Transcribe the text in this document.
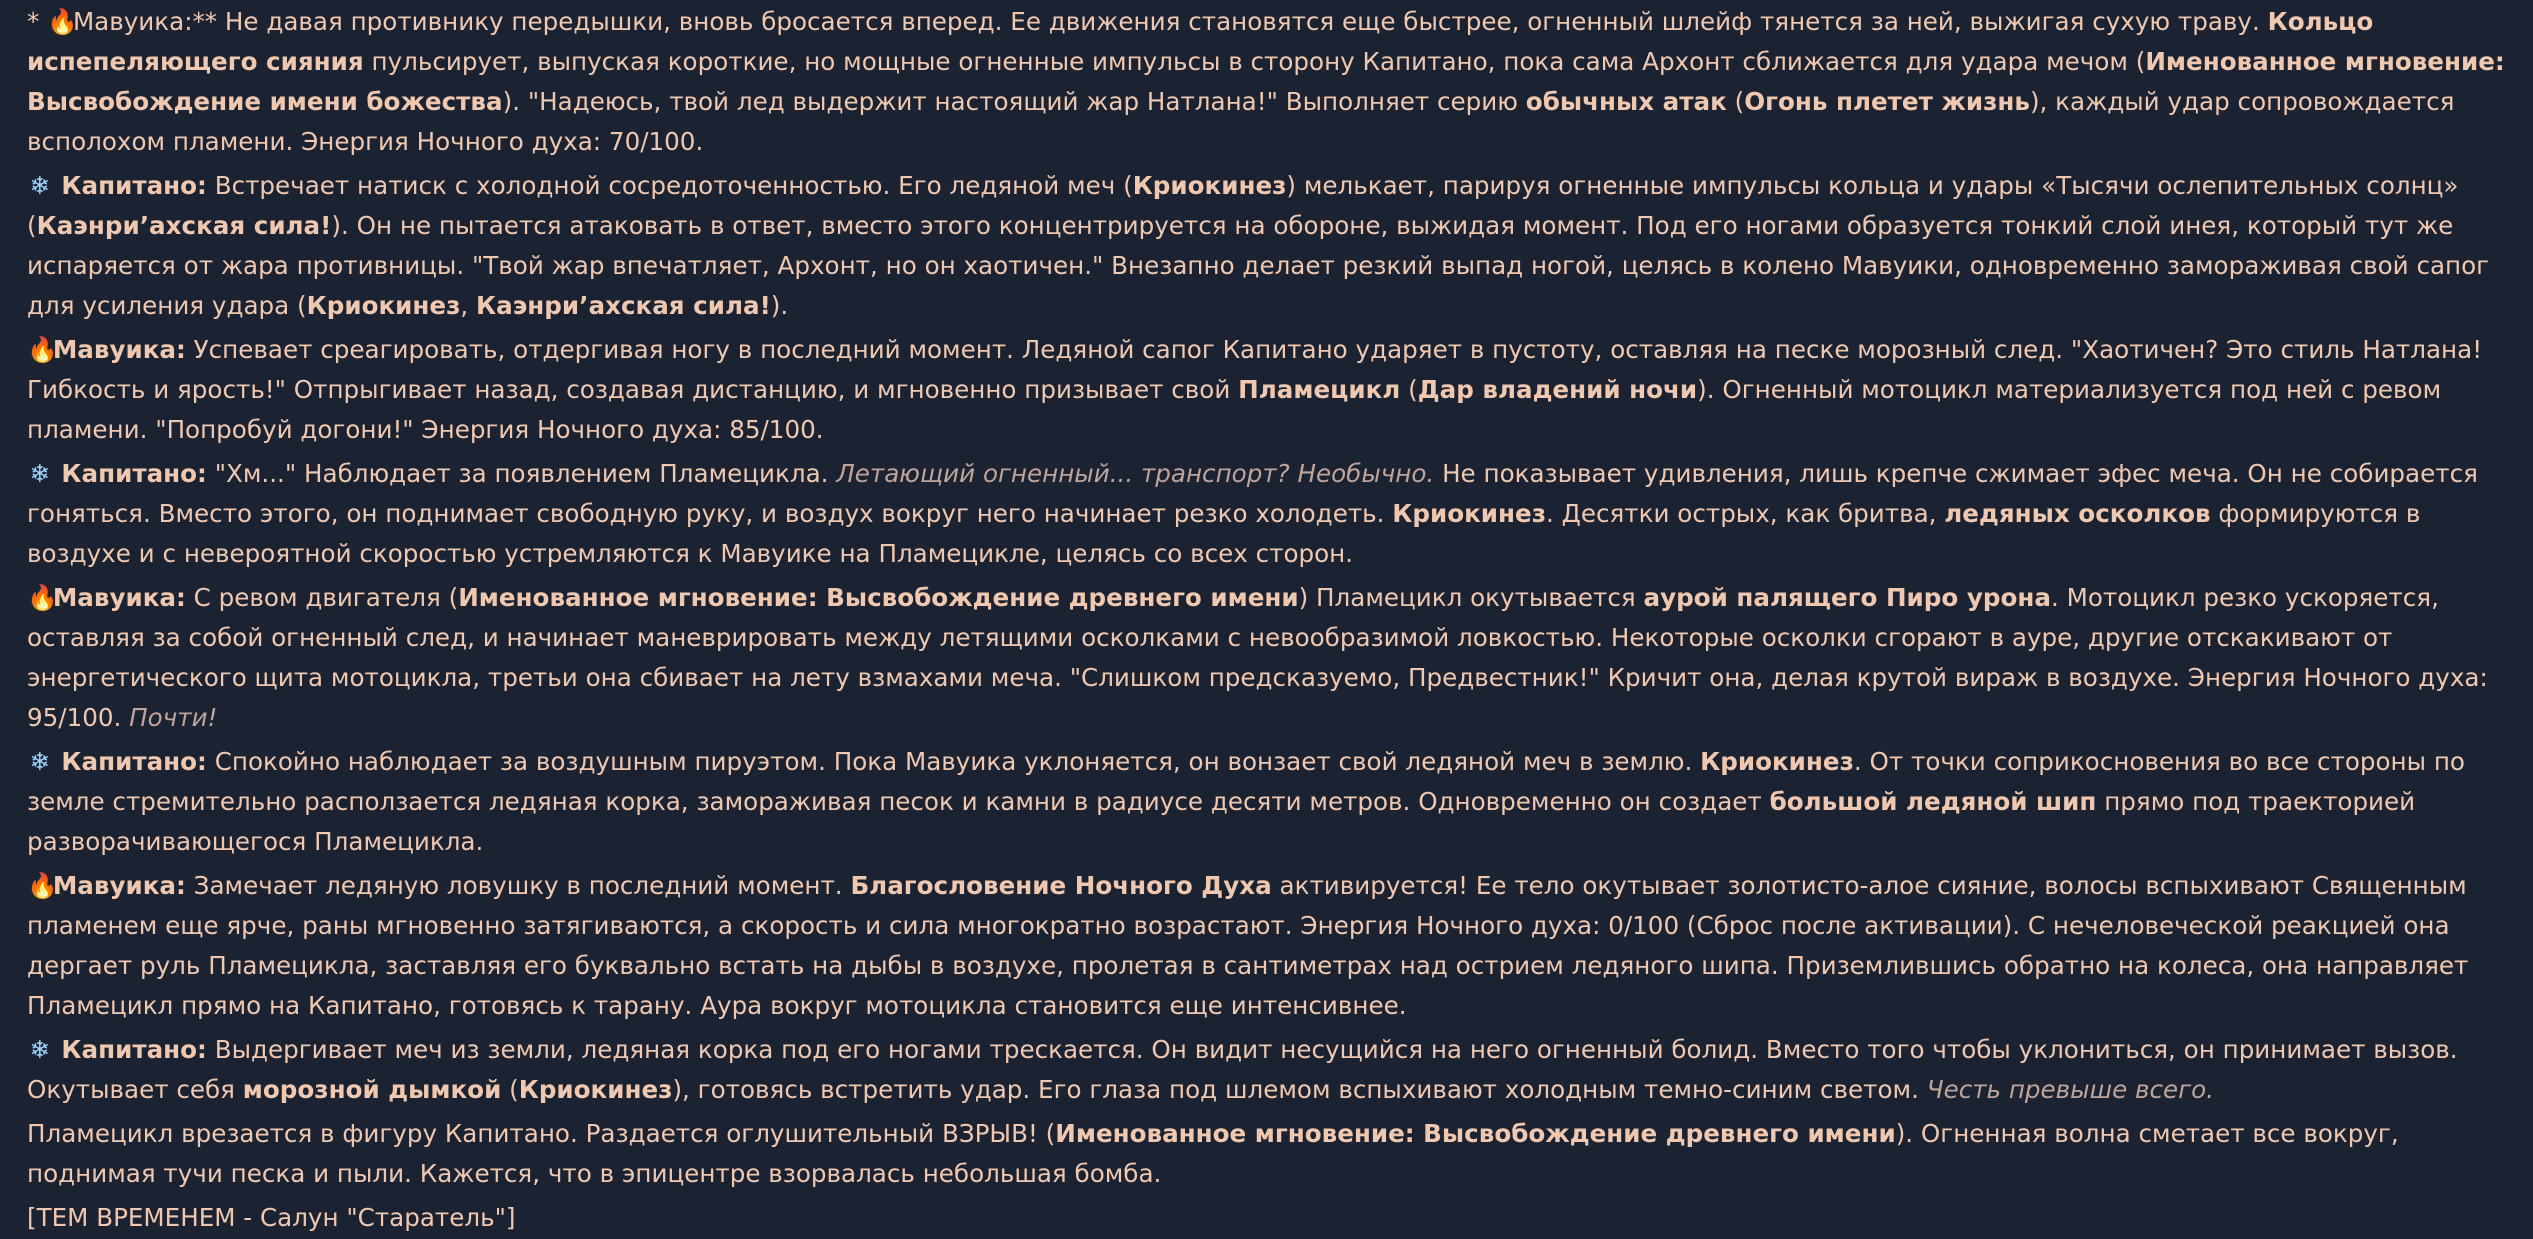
* 🔥Мавуика:** Не давая противнику передышки, вновь бросается вперед. Ее движения становятся еще быстрее, огненный шлейф тянется за ней, выжигая сухую траву. Кольцо испепеляющего сияния пульсирует, выпуская короткие, но мощные огненные импульсы в сторону Капитано, пока сама Архонт сближается для удара мечом (Именованное мгновение: Высвобождение имени божества). "Надеюсь, твой лед выдержит настоящий жар Натлана!" Выполняет серию обычных атак (Огонь плетет жизнь), каждый удар сопровождается всполохом пламени. Энергия Ночного духа: 70/100.

❄ Капитано: Встречает натиск с холодной сосредоточенностью. Его ледяной меч (Криокинез) мелькает, парируя огненные импульсы кольца и удары «Тысячи ослепительных солнц» (Каэнри’ахская сила!). Он не пытается атаковать в ответ, вместо этого концентрируется на обороне, выжидая момент. Под его ногами образуется тонкий слой инея, который тут же испаряется от жара противницы. "Твой жар впечатляет, Архонт, но он хаотичен." Внезапно делает резкий выпад ногой, целясь в колено Мавуики, одновременно замораживая свой сапог для усиления удара (Криокинез, Каэнри’ахская сила!).

🔥Мавуика: Успевает среагировать, отдергивая ногу в последний момент. Ледяной сапог Капитано ударяет в пустоту, оставляя на песке морозный след. "Хаотичен? Это стиль Натлана! Гибкость и ярость!" Отпрыгивает назад, создавая дистанцию, и мгновенно призывает свой Пламецикл (Дар владений ночи). Огненный мотоцикл материализуется под ней с ревом пламени. "Попробуй догони!" Энергия Ночного духа: 85/100.

❄ Капитано: "Хм..." Наблюдает за появлением Пламецикла. Летающий огненный... транспорт? Необычно. Не показывает удивления, лишь крепче сжимает эфес меча. Он не собирается гоняться. Вместо этого, он поднимает свободную руку, и воздух вокруг него начинает резко холодеть. Криокинез. Десятки острых, как бритва, ледяных осколков формируются в воздухе и с невероятной скоростью устремляются к Мавуике на Пламецикле, целясь со всех сторон.

🔥Мавуика: С ревом двигателя (Именованное мгновение: Высвобождение древнего имени) Пламецикл окутывается аурой палящего Пиро урона. Мотоцикл резко ускоряется, оставляя за собой огненный след, и начинает маневрировать между летящими осколками с невообразимой ловкостью. Некоторые осколки сгорают в ауре, другие отскакивают от энергетического щита мотоцикла, третьи она сбивает на лету взмахами меча. "Слишком предсказуемо, Предвестник!" Кричит она, делая крутой вираж в воздухе. Энергия Ночного духа: 95/100. Почти!

❄ Капитано: Спокойно наблюдает за воздушным пируэтом. Пока Мавуика уклоняется, он вонзает свой ледяной меч в землю. Криокинез. От точки соприкосновения во все стороны по земле стремительно расползается ледяная корка, замораживая песок и камни в радиусе десяти метров. Одновременно он создает большой ледяной шип прямо под траекторией разворачивающегося Пламецикла.

🔥Мавуика: Замечает ледяную ловушку в последний момент. Благословение Ночного Духа активируется! Ее тело окутывает золотисто-алое сияние, волосы вспыхивают Священным пламенем еще ярче, раны мгновенно затягиваются, а скорость и сила многократно возрастают. Энергия Ночного духа: 0/100 (Сброс после активации). С нечеловеческой реакцией она дергает руль Пламецикла, заставляя его буквально встать на дыбы в воздухе, пролетая в сантиметрах над острием ледяного шипа. Приземлившись обратно на колеса, она направляет Пламецикл прямо на Капитано, готовясь к тарану. Аура вокруг мотоцикла становится еще интенсивнее.

❄ Капитано: Выдергивает меч из земли, ледяная корка под его ногами трескается. Он видит несущийся на него огненный болид. Вместо того чтобы уклониться, он принимает вызов. Окутывает себя морозной дымкой (Криокинез), готовясь встретить удар. Его глаза под шлемом вспыхивают холодным темно-синим светом. Честь превыше всего.

Пламецикл врезается в фигуру Капитано. Раздается оглушительный ВЗРЫВ! (Именованное мгновение: Высвобождение древнего имени). Огненная волна сметает все вокруг, поднимая тучи песка и пыли. Кажется, что в эпицентре взорвалась небольшая бомба.

[ТЕМ ВРЕМЕНЕМ - Салун "Старатель"]
